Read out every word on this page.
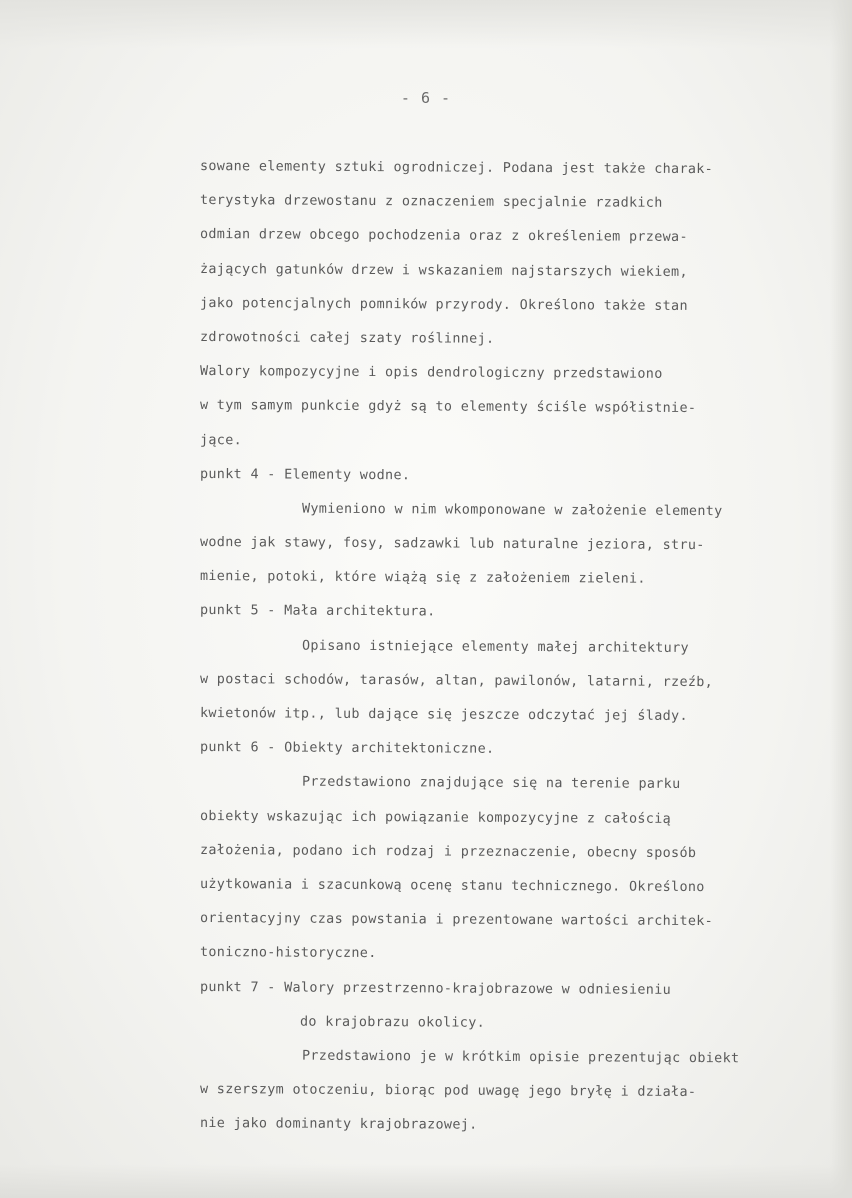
- 6 -
sowane elementy sztuki ogrodniczej. Podana jest także charak-
terystyka drzewostanu z oznaczeniem specjalnie rzadkich
odmian drzew obcego pochodzenia oraz z określeniem przewa-
żających gatunków drzew i wskazaniem najstarszych wiekiem,
jako potencjalnych pomników przyrody. Określono także stan
zdrowotności całej szaty roślinnej.
Walory kompozycyjne i opis dendrologiczny przedstawiono
w tym samym punkcie gdyż są to elementy ściśle współistnie-
jące.
punkt 4 - Elementy wodne.
Wymieniono w nim wkomponowane w założenie elementy
wodne jak stawy, fosy, sadzawki lub naturalne jeziora, stru-
mienie, potoki, które wiążą się z założeniem zieleni.
punkt 5 - Mała architektura.
Opisano istniejące elementy małej architektury
w postaci schodów, tarasów, altan, pawilonów, latarni, rzeźb,
kwietonów itp., lub dające się jeszcze odczytać jej ślady.
punkt 6 - Obiekty architektoniczne.
Przedstawiono znajdujące się na terenie parku
obiekty wskazując ich powiązanie kompozycyjne z całością
założenia, podano ich rodzaj i przeznaczenie, obecny sposób
użytkowania i szacunkową ocenę stanu technicznego. Określono
orientacyjny czas powstania i prezentowane wartości architek-
toniczno-historyczne.
punkt 7 - Walory przestrzenno-krajobrazowe w odniesieniu
do krajobrazu okolicy.
Przedstawiono je w krótkim opisie prezentując obiekt
w szerszym otoczeniu, biorąc pod uwagę jego bryłę i działa-
nie jako dominanty krajobrazowej.
